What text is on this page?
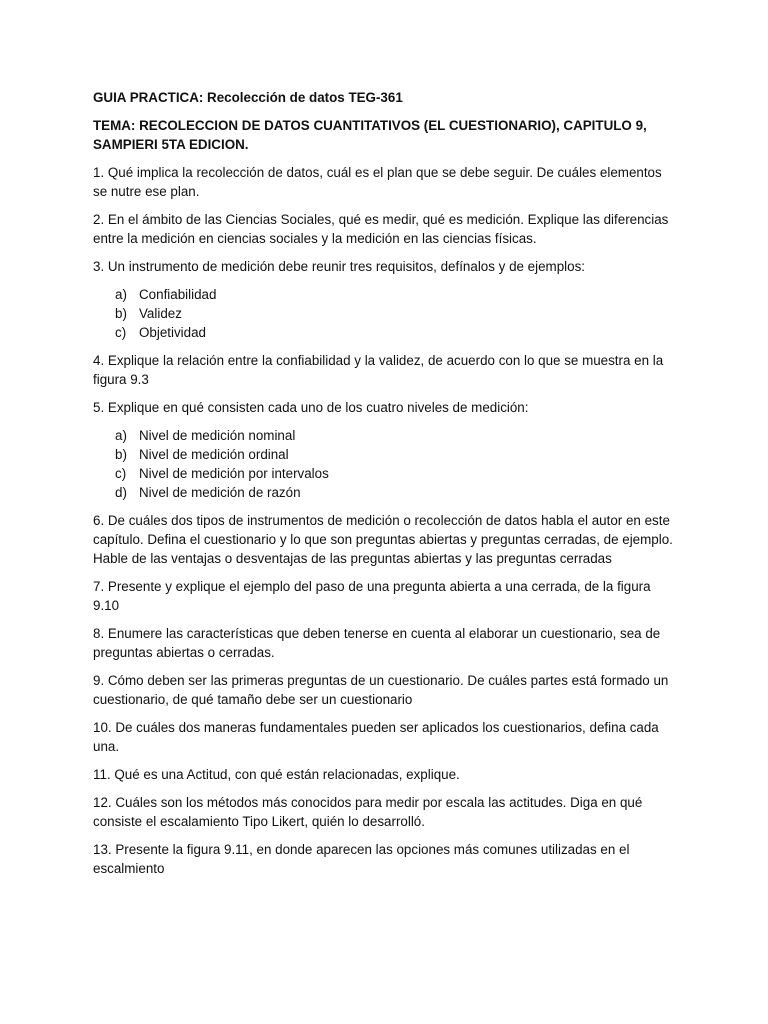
GUIA PRACTICA: Recolección de datos TEG-361

TEMA: RECOLECCION DE DATOS CUANTITATIVOS (EL CUESTIONARIO), CAPITULO 9, SAMPIERI 5TA EDICION.

1. Qué implica la recolección de datos, cuál es el plan que se debe seguir. De cuáles elementos se nutre ese plan.

2. En el ámbito de las Ciencias Sociales, qué es medir, qué es medición. Explique las diferencias entre la medición en ciencias sociales y la medición en las ciencias físicas.

3. Un instrumento de medición debe reunir tres requisitos, defínalos y de ejemplos:

a) Confiabilidad
b) Validez
c) Objetividad

4. Explique la relación entre la confiabilidad y la validez, de acuerdo con lo que se muestra en la figura 9.3

5. Explique en qué consisten cada uno de los cuatro niveles de medición:

a) Nivel de medición nominal
b) Nivel de medición ordinal
c) Nivel de medición por intervalos
d) Nivel de medición de razón

6. De cuáles dos tipos de instrumentos de medición o recolección de datos habla el autor en este capítulo. Defina el cuestionario y lo que son preguntas abiertas y preguntas cerradas, de ejemplo. Hable de las ventajas o desventajas de las preguntas abiertas y las preguntas cerradas

7. Presente y explique el ejemplo del paso de una pregunta abierta a una cerrada, de la figura 9.10

8. Enumere las características que deben tenerse en cuenta al elaborar un cuestionario, sea de preguntas abiertas o cerradas.

9. Cómo deben ser las primeras preguntas de un cuestionario. De cuáles partes está formado un cuestionario, de qué tamaño debe ser un cuestionario

10. De cuáles dos maneras fundamentales pueden ser aplicados los cuestionarios, defina cada una.

11. Qué es una Actitud, con qué están relacionadas, explique.

12. Cuáles son los métodos más conocidos para medir por escala las actitudes. Diga en qué consiste el escalamiento Tipo Likert, quién lo desarrolló.

13. Presente la figura 9.11, en donde aparecen las opciones más comunes utilizadas en el escalmiento
